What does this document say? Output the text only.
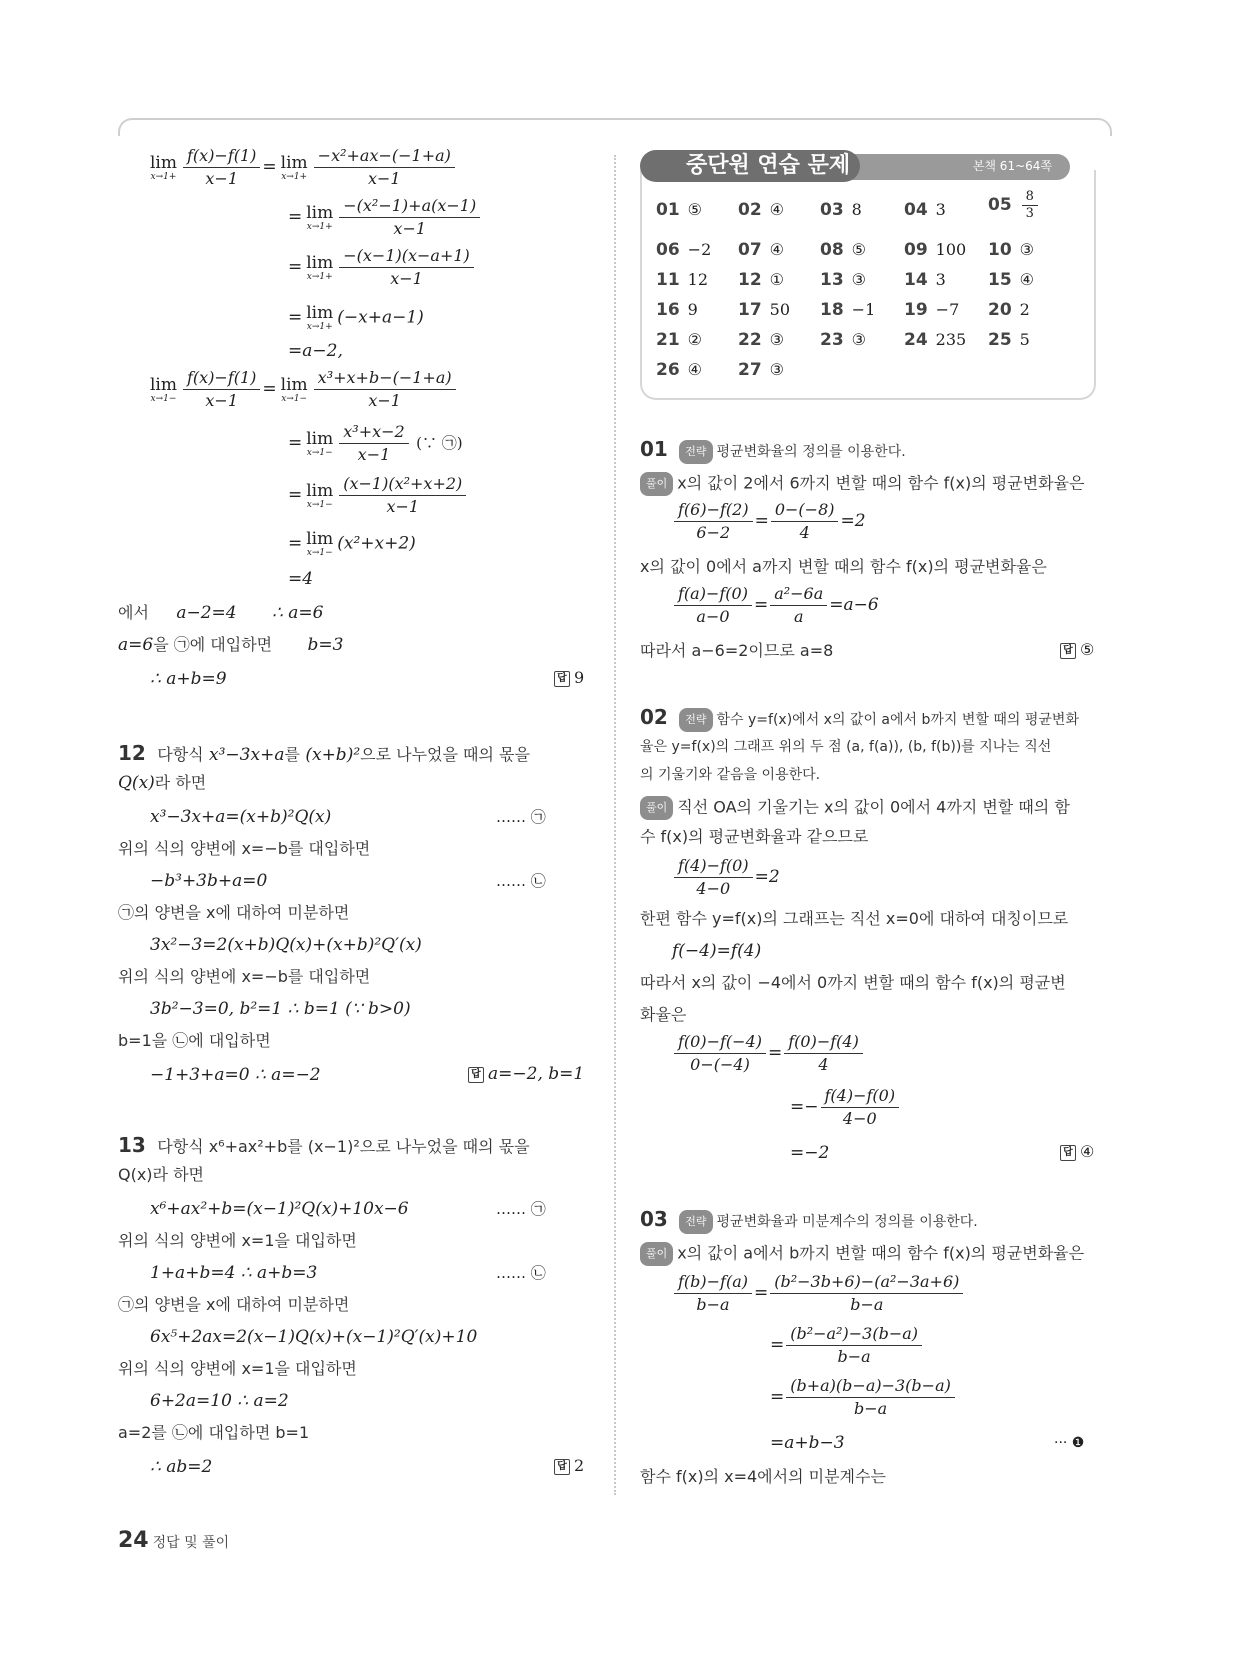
lim
$x\to 1+ \frac{f(x)-f(1)}{x-1} = \lim$
$x\to 1+ \frac{\text{−x²+ax−(−1+a)}}{x-1}$
= lim
$x\to 1+ \frac{\text{−(x²−1)+a(x−1)}}{x-1}$
= lim
$x\to 1+ \frac{-(x-1)(x-a+1)}{x-1}$
= lim
x→1+ (−x+a−1)
=a−2,
lim
$x\to 1- \frac{f(x)-f(1)}{x-1} = \lim$
$x\to 1- \frac{\text{x³+x+b−(−1+a)}}{x-1}$
= lim
$x\to 1- \frac{\text{x³+x−2}}{x-1}$ (∵ ㉠)
= lim
$x\to 1- \frac{\text{(x−1)(x²+x+2)}}{x-1}$
= lim
x→1− (x²+x+2)
=4
에서 a−2=4 ∴ a=6
a=6을 ㉠에 대입하면 b=3
∴ a+b=9	답 9
12 다항식 x³−3x+a를 (x+b)²으로 나누었을 때의 몫을
Q(x)라 하면
x³−3x+a=(x+b)²Q(x)	…… ㉠
위의 식의 양변에 x=−b를 대입하면
−b³+3b+a=0	…… ㉡
㉠의 양변을 x에 대하여 미분하면
3x²−3=2(x+b)Q(x)+(x+b)²Q′(x)
위의 식의 양변에 x=−b를 대입하면
3b²−3=0, b²=1 ∴ b=1 (∵ b>0)
b=1을 ㉡에 대입하면
−1+3+a=0 ∴ a=−2	답 a=−2, b=1
13 다항식 x⁶+ax²+b를 (x−1)²으로 나누었을 때의 몫을
Q(x)라 하면
x⁶+ax²+b=(x−1)²Q(x)+10x−6	…… ㉠
위의 식의 양변에 x=1을 대입하면
1+a+b=4 ∴ a+b=3	…… ㉡
㉠의 양변을 x에 대하여 미분하면
6x⁵+2ax=2(x−1)Q(x)+(x−1)²Q′(x)+10
위의 식의 양변에 x=1을 대입하면
6+2a=10 ∴ a=2
a=2를 ㉡에 대입하면 b=1
∴ ab=2	답 2
중단원 연습 문제	본책 61~64쪽
01 ⑤ 02 ④ 03 8 04 3 $05 \frac{8}{3}$
06 −2 07 ④ 08 ⑤ 09 100 10 ③
11 12 12 ① 13 ③ 14 3 15 ④
16 9 17 50 18 −1 19 −7 20 2
21 ② 22 ③ 23 ③ 24 235 25 5
26 ④ 27 ③
01 전략 평균변화율의 정의를 이용한다.
풀이 x의 값이 2에서 6까지 변할 때의 함수 f(x)의 평균변화율은
$\frac{f(6)-f(2)}{6-2} = \frac{0-(-8)}{4} =2$
x의 값이 0에서 a까지 변할 때의 함수 f(x)의 평균변화율은
$\frac{f(a)-f(0)}{a-0} = \frac{\text{a²−6a}}{a} =a-6$
따라서 a−6=2이므로 a=8	답 ⑤
02 전략 함수 y=f(x)에서 x의 값이 a에서 b까지 변할 때의 평균변화
율은 y=f(x)의 그래프 위의 두 점 (a, f(a)), (b, f(b))를 지나는 직선
의 기울기와 같음을 이용한다.
풀이 직선 OA의 기울기는 x의 값이 0에서 4까지 변할 때의 함
수 f(x)의 평균변화율과 같으므로
$\frac{f(4)-f(0)}{4-0} =2$
한편 함수 y=f(x)의 그래프는 직선 x=0에 대하여 대칭이므로
f(−4)=f(4)
따라서 x의 값이 −4에서 0까지 변할 때의 함수 f(x)의 평균변
화율은
$\frac{f(0)-f(-4)}{0-(-4)} = \frac{f(0)-f(4)}{4}$
=− $\frac{f(4)-f(0)}{4-0}$
=−2	답 ④
03 전략 평균변화율과 미분계수의 정의를 이용한다.
풀이 x의 값이 a에서 b까지 변할 때의 함수 f(x)의 평균변화율은
$\frac{f(b)-f(a)}{b-a} = \frac{\text{(b²−3b+6)−(a²−3a+6)}}{b-a}$
= $\frac{\text{(b²−a²)−3(b−a)}}{b-a}$
= $\frac{(b+a)(b-a)-3(b-a)}{b-a}$
=a+b−3	··· ❶
함수 f(x)의 x=4에서의 미분계수는
24 정답 및 풀이
